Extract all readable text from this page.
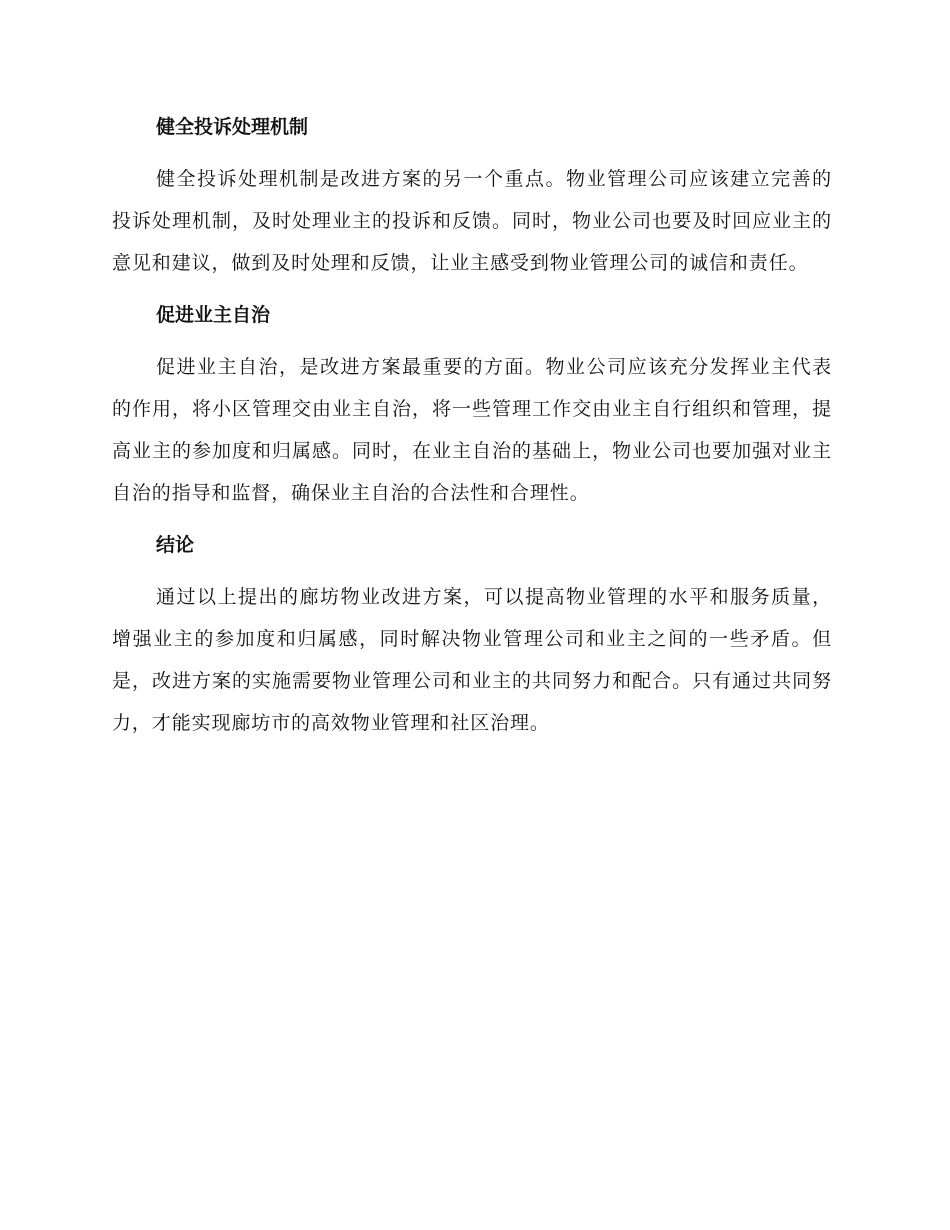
健全投诉处理机制

健全投诉处理机制是改进方案的另一个重点。物业管理公司应该建立完善的投诉处理机制，及时处理业主的投诉和反馈。同时，物业公司也要及时回应业主的意见和建议，做到及时处理和反馈，让业主感受到物业管理公司的诚信和责任。

促进业主自治

促进业主自治，是改进方案最重要的方面。物业公司应该充分发挥业主代表的作用，将小区管理交由业主自治，将一些管理工作交由业主自行组织和管理，提高业主的参加度和归属感。同时，在业主自治的基础上，物业公司也要加强对业主自治的指导和监督，确保业主自治的合法性和合理性。

结论

通过以上提出的廊坊物业改进方案，可以提高物业管理的水平和服务质量，增强业主的参加度和归属感，同时解决物业管理公司和业主之间的一些矛盾。但是，改进方案的实施需要物业管理公司和业主的共同努力和配合。只有通过共同努力，才能实现廊坊市的高效物业管理和社区治理。
